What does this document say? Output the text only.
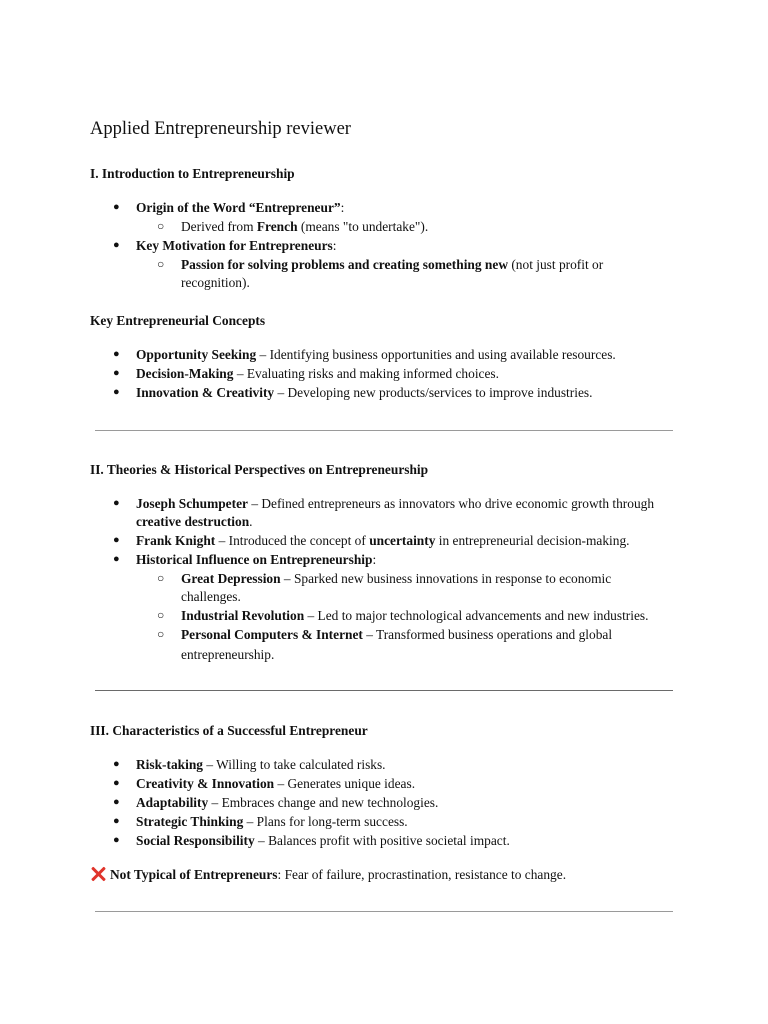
Applied Entrepreneurship reviewer
I. Introduction to Entrepreneurship
● Origin of the Word “Entrepreneur”:
○ Derived from French (means "to undertake").
● Key Motivation for Entrepreneurs:
○ Passion for solving problems and creating something new (not just profit or
recognition).
Key Entrepreneurial Concepts
● Opportunity Seeking – Identifying business opportunities and using available resources.
● Decision-Making – Evaluating risks and making informed choices.
● Innovation & Creativity – Developing new products/services to improve industries.
II. Theories & Historical Perspectives on Entrepreneurship
● Joseph Schumpeter – Defined entrepreneurs as innovators who drive economic growth through
creative destruction.
● Frank Knight – Introduced the concept of uncertainty in entrepreneurial decision-making.
● Historical Influence on Entrepreneurship:
○ Great Depression – Sparked new business innovations in response to economic
challenges.
○ Industrial Revolution – Led to major technological advancements and new industries.
○ Personal Computers & Internet – Transformed business operations and global
entrepreneurship.
III. Characteristics of a Successful Entrepreneur
● Risk-taking – Willing to take calculated risks.
● Creativity & Innovation – Generates unique ideas.
● Adaptability – Embraces change and new technologies.
● Strategic Thinking – Plans for long-term success.
● Social Responsibility – Balances profit with positive societal impact.
Not Typical of Entrepreneurs: Fear of failure, procrastination, resistance to change.
